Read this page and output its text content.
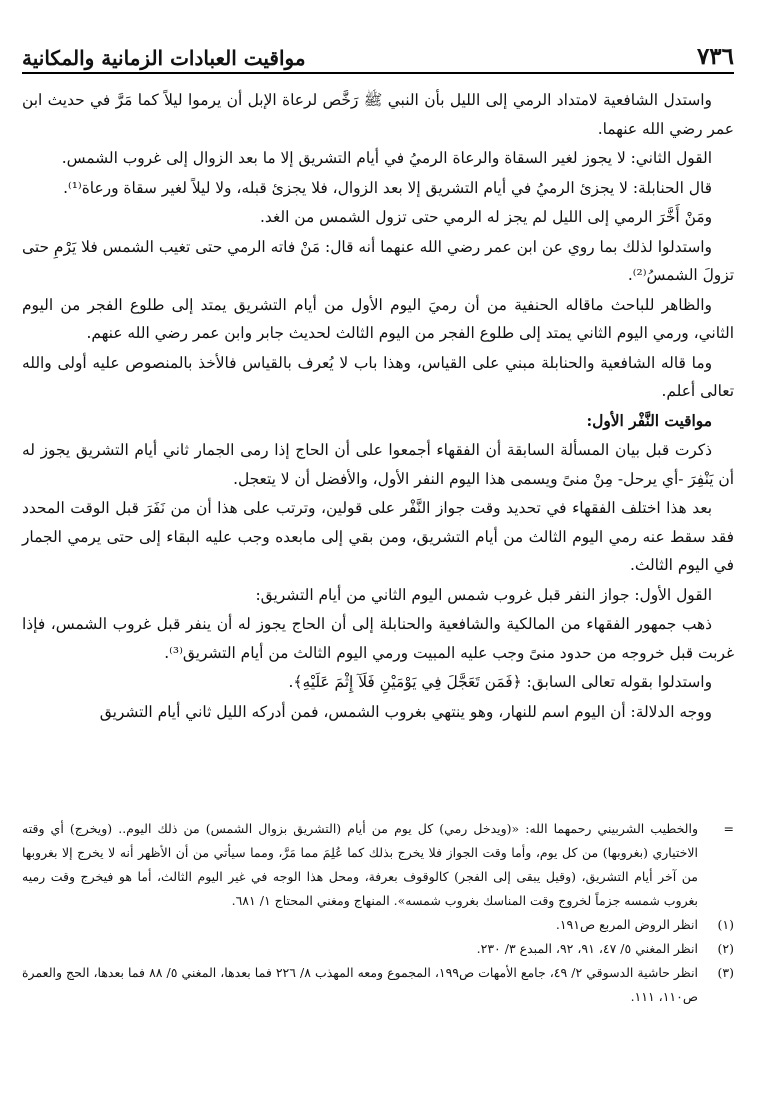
٧٣٦
مواقيت العبادات الزمانية والمكانية

واستدل الشافعية لامتداد الرمي إلى الليل بأن النبي ﷺ رَخَّص لرعاة الإبل أن يرموا ليلاً كما مَرَّ في حديث ابن عمر رضي الله عنهما.

القول الثاني: لا يجوز لغير السقاة والرعاة الرميُ في أيام التشريق إلا ما بعد الزوال إلى غروب الشمس.

قال الحنابلة: لا يجزئ الرميُ في أيام التشريق إلا بعد الزوال، فلا يجزئ قبله، ولا ليلاً لغير سقاة ورعاة⁽¹⁾.

ومَنْ أَخَّرَ الرمي إلى الليل لم يجز له الرمي حتى تزول الشمس من الغد.

واستدلوا لذلك بما روي عن ابن عمر رضي الله عنهما أنه قال: مَنْ فاته الرمي حتى تغيب الشمس فلا يَرْمِ حتى تزولَ الشمسُ⁽²⁾.

والظاهر للباحث ماقاله الحنفية من أن رميَ اليوم الأول من أيام التشريق يمتد إلى طلوع الفجر من اليوم الثاني، ورمي اليوم الثاني يمتد إلى طلوع الفجر من اليوم الثالث لحديث جابر وابن عمر رضي الله عنهم.

وما قاله الشافعية والحنابلة مبني على القياس، وهذا باب لا يُعرف بالقياس فالأخذ بالمنصوص عليه أولى والله تعالى أعلم.

مواقيت النَّفْر الأول:

ذكرت قبل بيان المسألة السابقة أن الفقهاء أجمعوا على أن الحاج إذا رمى الجمار ثاني أيام التشريق يجوز له أن يَنْفِرَ -أي يرحل- مِنْ منىً ويسمى هذا اليوم النفر الأول، والأفضل أن لا يتعجل.

بعد هذا اختلف الفقهاء في تحديد وقت جواز النَّفْر على قولين، وترتب على هذا أن من نَفَرَ قبل الوقت المحدد فقد سقط عنه رمي اليوم الثالث من أيام التشريق، ومن بقي إلى مابعده وجب عليه البقاء إلى حتى يرمي الجمار في اليوم الثالث.

القول الأول: جواز النفر قبل غروب شمس اليوم الثاني من أيام التشريق:

ذهب جمهور الفقهاء من المالكية والشافعية والحنابلة إلى أن الحاج يجوز له أن ينفر قبل غروب الشمس، فإذا غربت قبل خروجه من حدود منىً وجب عليه المبيت ورمي اليوم الثالث من أيام التشريق⁽³⁾.

واستدلوا بقوله تعالى السابق: ﴿فَمَن تَعَجَّلَ فِي يَوْمَيْنِ فَلَآ إِثْمَ عَلَيْهِ﴾.

ووجه الدلالة: أن اليوم اسم للنهار، وهو ينتهي بغروب الشمس، فمن أدركه الليل ثاني أيام التشريق

=
والخطيب الشربيني رحمهما الله: «(ويدخل رمي) كل يوم من أيام (التشريق بزوال الشمس) من ذلك اليوم.. (ويخرج) أي وقته الاختياري (بغروبها) من كل يوم، وأما وقت الجواز فلا يخرج بذلك كما عُلِمَ مما مَرَّ، ومما سيأتي من أن الأظهر أنه لا يخرج إلا بغروبها من آخر أيام التشريق، (وقيل يبقى إلى الفجر) كالوقوف بعرفة، ومحل هذا الوجه في غير اليوم الثالث، أما هو فيخرج وقت رميه بغروب شمسه جزماً لخروج وقت المناسك بغروب شمسه». المنهاج ومغني المحتاج ١/ ٦٨١.
(١)
انظر الروض المربع ص١٩١.
(٢)
انظر المغني ٥/ ٤٧، ٩١، ٩٢، المبدع ٣/ ٢٣٠.
(٣)
انظر حاشية الدسوقي ٢/ ٤٩، جامع الأمهات ص١٩٩، المجموع ومعه المهذب ٨/ ٢٢٦ فما بعدها، المغني ٥/ ٨٨ فما بعدها، الحج والعمرة ص١١٠، ١١١.
